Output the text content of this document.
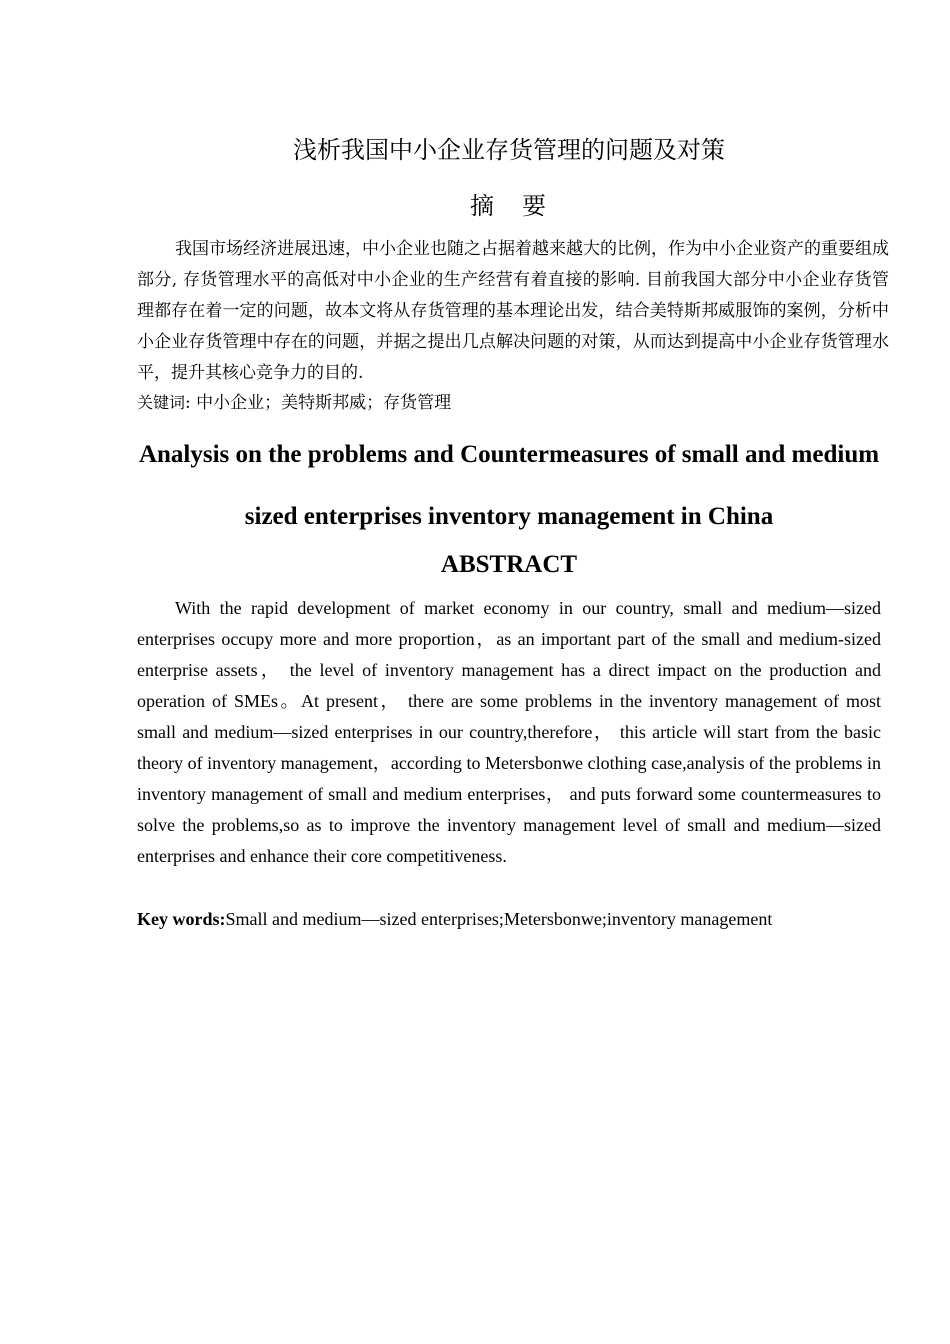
浅析我国中小企业存货管理的问题及对策
摘　要

我国市场经济进展迅速，中小企业也随之占据着越来越大的比例，作为中小企业资产的重要组成部分, 存货管理水平的高低对中小企业的生产经营有着直接的影响. 目前我国大部分中小企业存货管理都存在着一定的问题，故本文将从存货管理的基本理论出发，结合美特斯邦威服饰的案例，分析中小企业存货管理中存在的问题，并据之提出几点解决问题的对策，从而达到提高中小企业存货管理水平，提升其核心竞争力的目的.

关键词: 中小企业；美特斯邦威；存货管理

Analysis on the problems and Countermeasures of small and medium sized enterprises inventory management in China
ABSTRACT

With the rapid development of market economy in our country, small and medium—sized enterprises occupy more and more proportion，as an important part of the small and medium-sized enterprise assets， the level of inventory management has a direct impact on the production and operation of SMEs。At present， there are some problems in the inventory management of most small and medium—sized enterprises in our country,therefore， this article will start from the basic theory of inventory management，according to Metersbonwe clothing case,analysis of the problems in inventory management of small and medium enterprises， and puts forward some countermeasures to solve the problems,so as to improve the inventory management level of small and medium—sized enterprises and enhance their core competitiveness.

Key words:Small and medium—sized enterprises;Metersbonwe;inventory management
